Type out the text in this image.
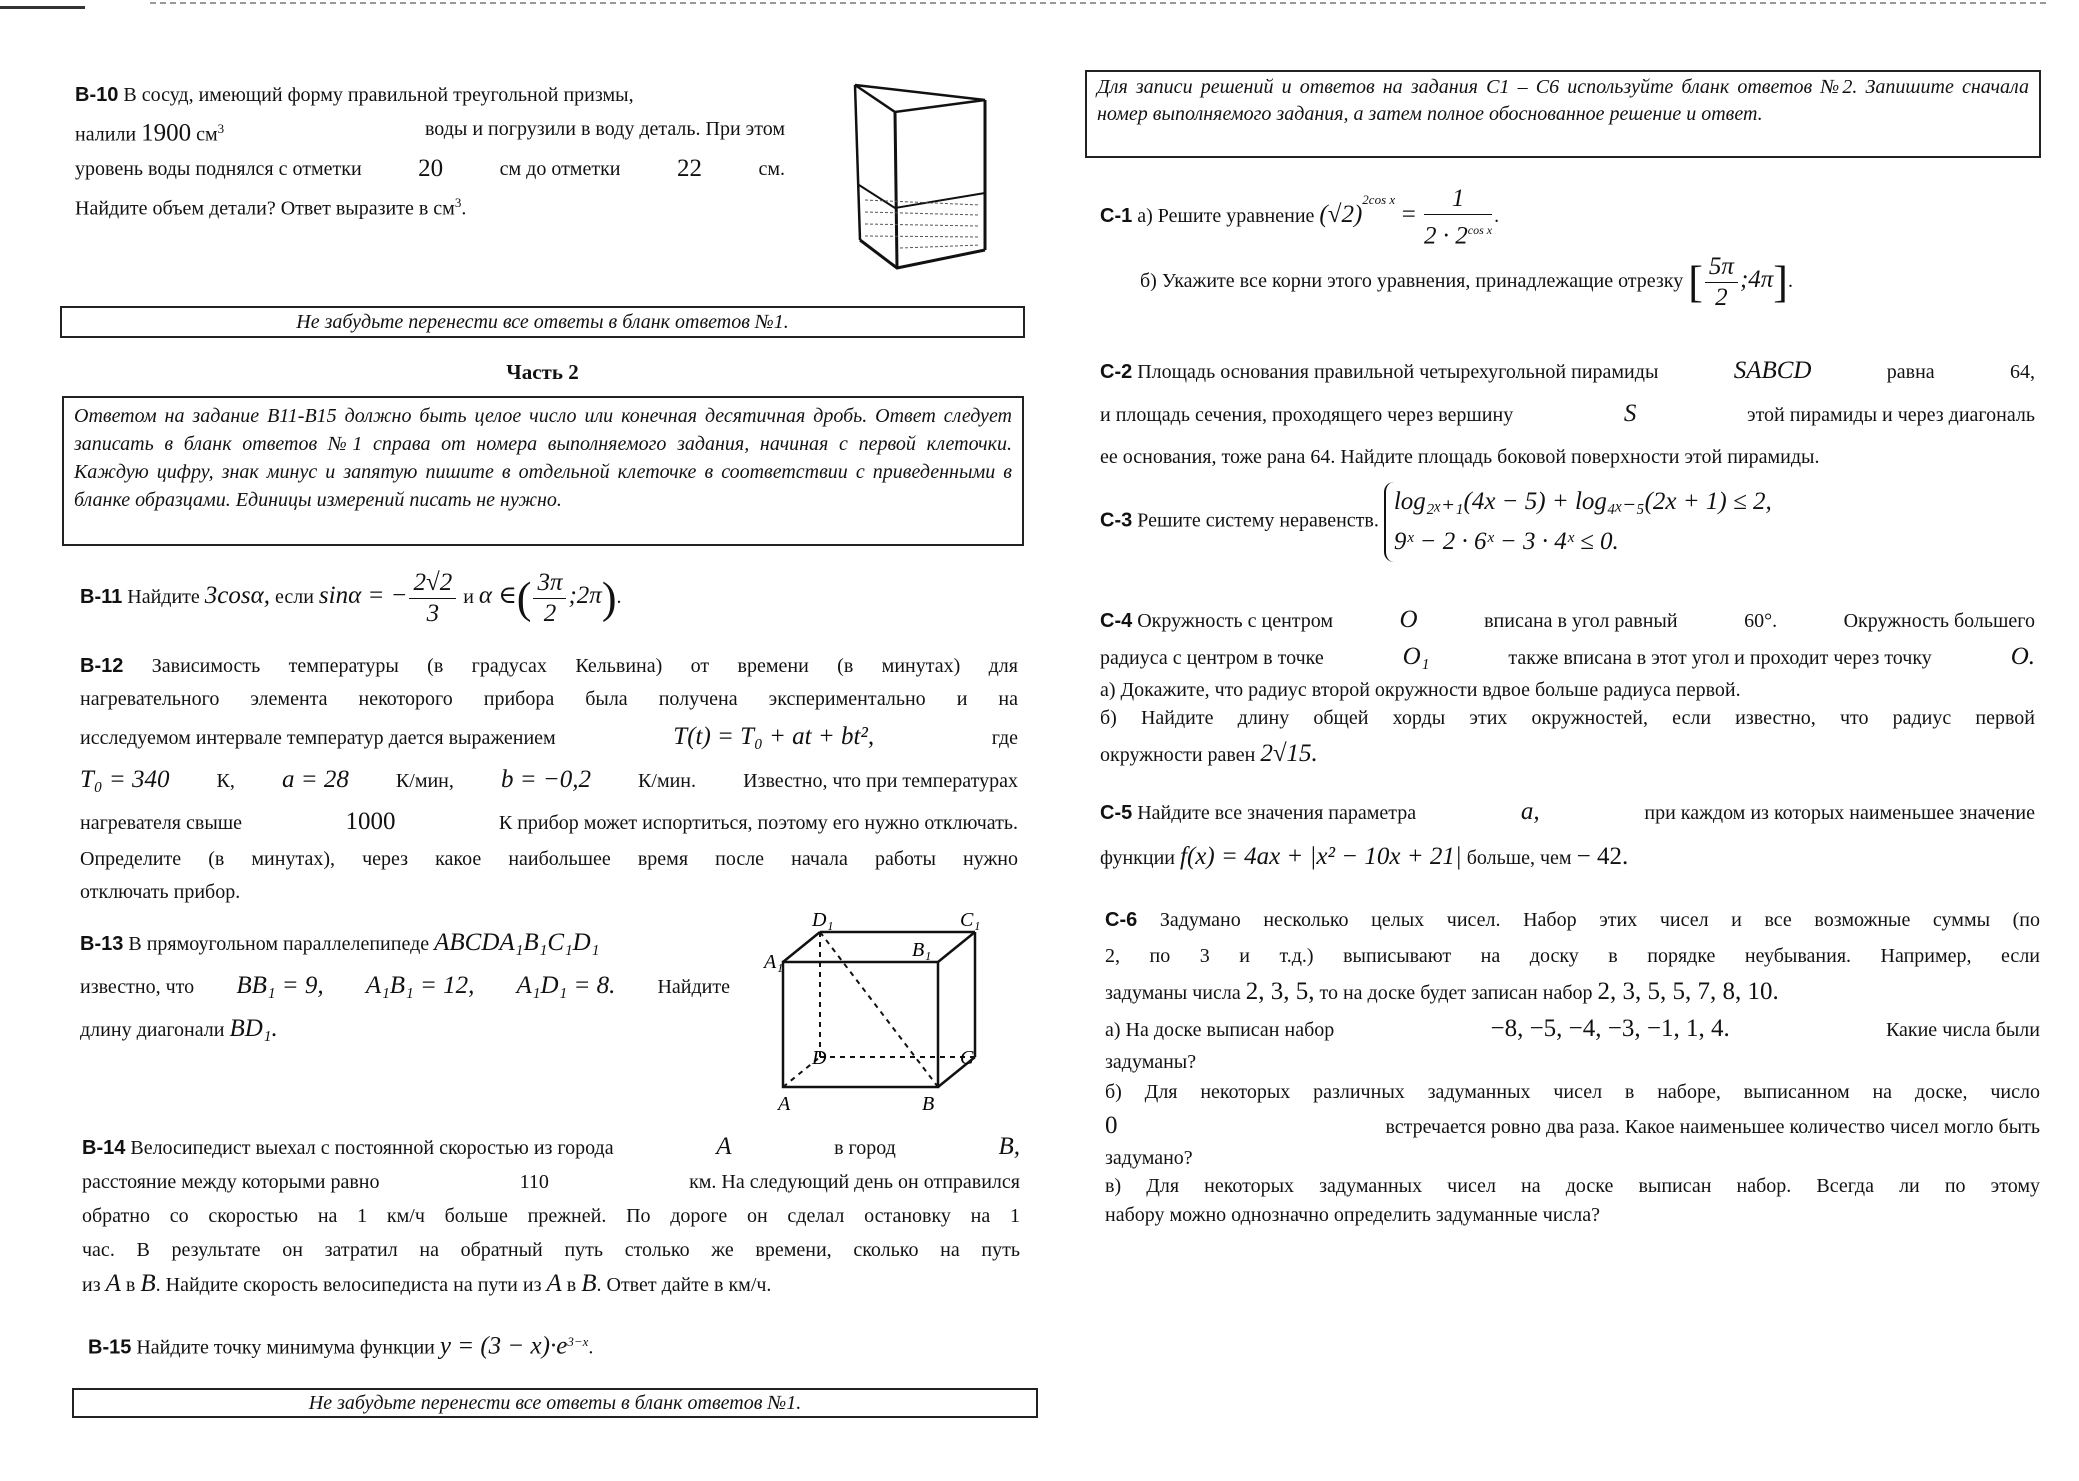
B-10 В сосуд, имеющий форму правильной треугольной призмы,
налили 1900 $см^3$	воды и погрузили в воду деталь. При этом
уровень воды поднялся с отметки 20	см до отметки 22	см.
Найдите объем детали? Ответ выразите в $см^3$.
Не забудьте перенести все ответы в бланк ответов №1.
Часть 2
Ответом на задание В11-В15 должно быть целое число или конечная десятичная дробь. Ответ следует записать в бланк ответов №1 справа от номера выполняемого задания, начиная с первой клеточки. Каждую цифру, знак минус и запятую пишите в отдельной клеточке в соответствии с приведенными в бланке образцами. Единицы измерений писать не нужно.
B-11 Найдите 3cosα, если sinα = − $\frac{2√2}{3}$ и α ∈( $\frac{3\pi}{2}$ ;2π).
B-12 Зависимость температуры (в градусах Кельвина) от времени (в минутах) для
нагревательного элемента некоторого прибора была получена экспериментально и на
исследуемом интервале температур дается выражением	T(t) = T₀ + at + bt²,	где
T₀ = 340 К, a = 28 К/мин, b = −0,2 К/мин. Известно, что при температурах
нагревателя свыше	1000	К прибор может испортиться, поэтому его нужно отключать.
Определите (в минутах), через какое наибольшее время после начала работы нужно
отключать прибор.
B-13 В прямоугольном параллелепипеде ABCDA₁B₁C₁D₁
известно, что BB₁ = 9, A₁B₁ = 12, A₁D₁ = 8. Найдите
длину диагонали BD₁.
D₁	C₁
A₁
B₁
D	C
A	B
B-14 Велосипедист выехал с постоянной скоростью из города	A	в город	B,
расстояние между которыми равно	110	км. На следующий день он отправился
обратно со скоростью на 1 км/ч больше прежней. По дороге он сделал остановку на 1
час. В результате он затратил на обратный путь столько же времени, сколько на путь
из A в B. Найдите скорость велосипедиста на пути из A в B. Ответ дайте в км/ч.
B-15 Найдите точку минимума функции $y = (3 - x)\cdot e^{3-x}$.
Не забудьте перенести все ответы в бланк ответов №1.
Для записи решений и ответов на задания С1 – С6 используйте бланк ответов №2. Запишите сначала номер выполняемого задания, а затем полное обоснованное решение и ответ.
C-1 а) Решите уравнение $(√2)^{2cos x} = \frac{1}{2 \cdot 2^{cos x}}$ .
б) Укажите все корни этого уравнения, принадлежащие отрезку [ $\frac{5\pi}{2}$ ;4π].
C-2 Площадь основания правильной четырехугольной пирамиды	SABCD	равна	64,
и площадь сечения, проходящего через вершину	S	этой пирамиды и через диагональ
ее основания, тоже рана 64. Найдите площадь боковой поверхности этой пирамиды.
C-3 Решите систему неравенств.
log₂ₓ₊₁(4x − 5) + log₄ₓ₋₅(2x + 1) ≤ 2,
9ˣ − 2 · 6ˣ − 3 · 4ˣ ≤ 0.
C-4 Окружность с центром	O	вписана в угол равный	60°.	Окружность большего
радиуса с центром в точке	O₁	также вписана в этот угол и проходит через точку	O.
а) Докажите, что радиус второй окружности вдвое больше радиуса первой.
б) Найдите длину общей хорды этих окружностей, если известно, что радиус первой
окружности равен 2√15.
C-5 Найдите все значения параметра	a,	при каждом из которых наименьшее значение
функции f(x) = 4ax + |x² − 10x + 21| больше, чем − 42.
C-6 Задумано несколько целых чисел. Набор этих чисел и все возможные суммы (по
2, по 3 и т.д.) выписывают на доску в порядке неубывания. Например, если
задуманы числа 2, 3, 5, то на доске будет записан набор 2, 3, 5, 5, 7, 8, 10.
а) На доске выписан набор	−8, −5, −4, −3, −1, 1, 4.	Какие числа были
задуманы?
б) Для некоторых различных задуманных чисел в наборе, выписанном на доске, число
0	встречается ровно два раза. Какое наименьшее количество чисел могло быть
задумано?
в) Для некоторых задуманных чисел на доске выписан набор. Всегда ли по этому
набору можно однозначно определить задуманные числа?
